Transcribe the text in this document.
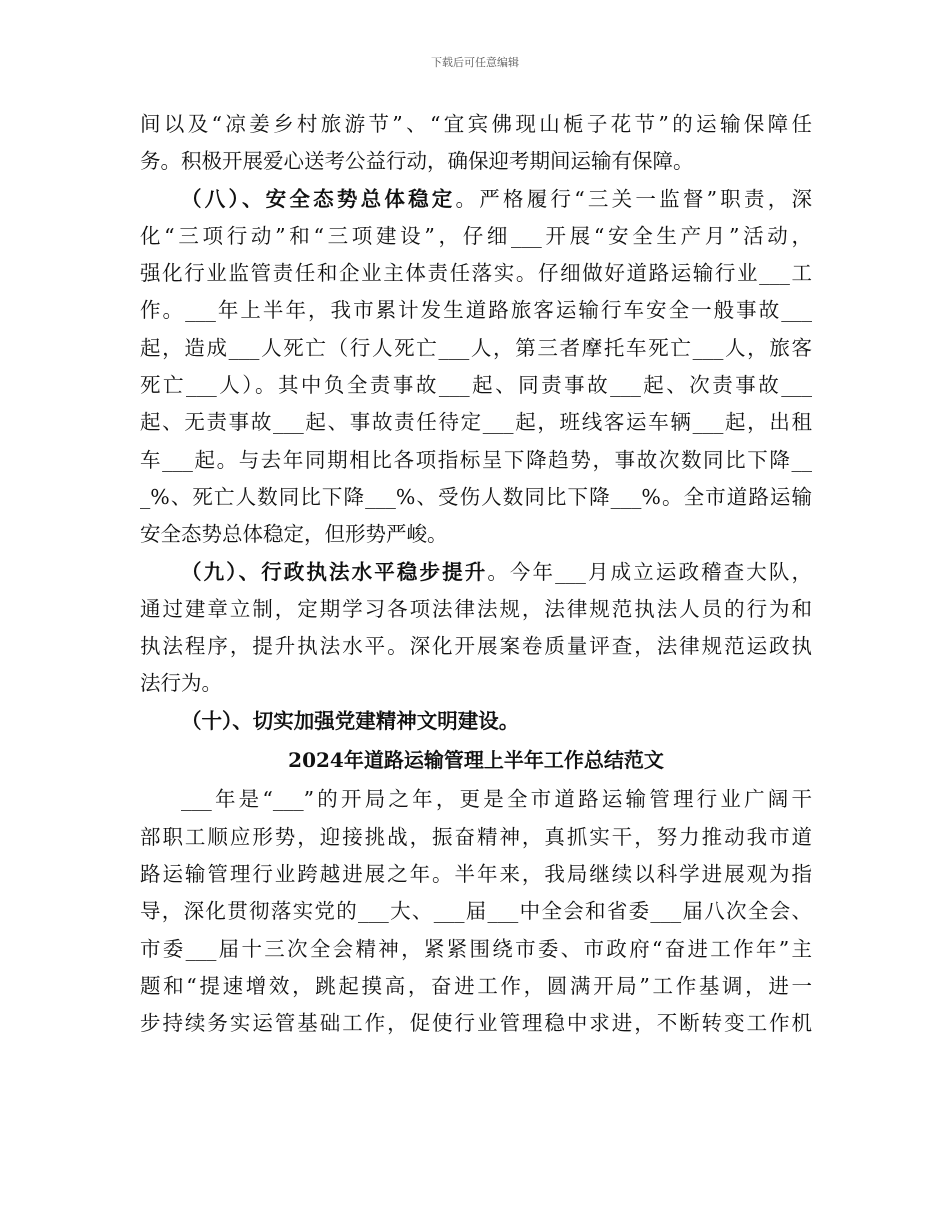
下载后可任意编辑
间以及“凉姜乡村旅游节”、“宜宾佛现山栀子花节”的运输保障任
务。积极开展爱心送考公益行动，确保迎考期间运输有保障。
（八）、安全态势总体稳定。严格履行“三关一监督”职责，深
化“三项行动”和“三项建设”，仔细___开展“安全生产月”活动，
强化行业监管责任和企业主体责任落实。仔细做好道路运输行业___工
作。___年上半年，我市累计发生道路旅客运输行车安全一般事故___
起，造成___人死亡（行人死亡___人，第三者摩托车死亡___人，旅客
死亡___人）。其中负全责事故___起、同责事故___起、次责事故___
起、无责事故___起、事故责任待定___起，班线客运车辆___起，出租
车___起。与去年同期相比各项指标呈下降趋势，事故次数同比下降__
_%、死亡人数同比下降___%、受伤人数同比下降___%。全市道路运输
安全态势总体稳定，但形势严峻。
（九）、行政执法水平稳步提升。今年___月成立运政稽查大队，
通过建章立制，定期学习各项法律法规，法律规范执法人员的行为和
执法程序，提升执法水平。深化开展案卷质量评查，法律规范运政执
法行为。
（十）、切实加强党建精神文明建设。
2024年道路运输管理上半年工作总结范文
___年是“___”的开局之年，更是全市道路运输管理行业广阔干
部职工顺应形势，迎接挑战，振奋精神，真抓实干，努力推动我市道
路运输管理行业跨越进展之年。半年来，我局继续以科学进展观为指
导，深化贯彻落实党的___大、___届___中全会和省委___届八次全会、
市委___届十三次全会精神，紧紧围绕市委、市政府“奋进工作年”主
题和“提速增效，跳起摸高，奋进工作，圆满开局”工作基调，进一
步持续务实运管基础工作，促使行业管理稳中求进，不断转变工作机
